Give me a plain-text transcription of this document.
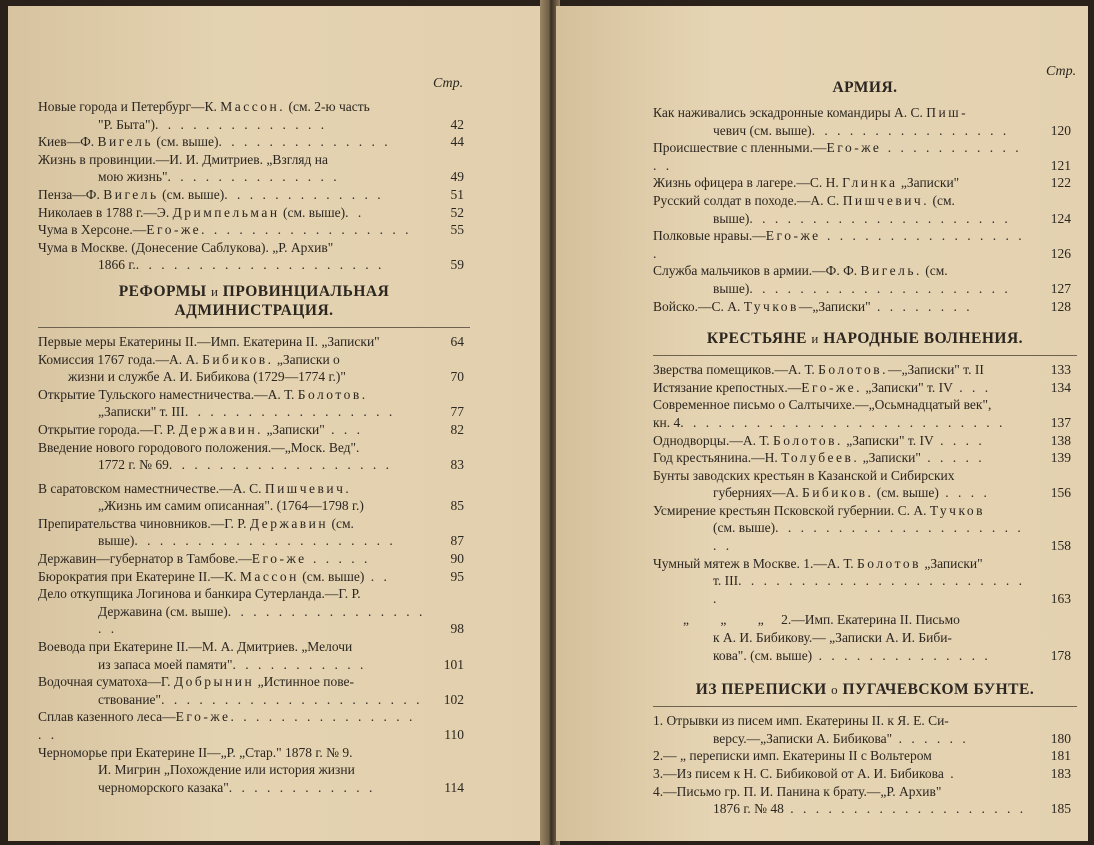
Стр.
Новые города и Петербург—К. Массон. (см. 2-ю часть
"Р. Быта"). . . . . . . . . . . . . .	42
Киев—Ф. Вигель (см. выше). . . . . . . . . . . . . .	44
Жизнь в провинции.—И. И. Дмитриев. „Взгляд на
мою жизнь". . . . . . . . . . . . . .	49
Пенза—Ф. Вигель (см. выше). . . . . . . . . . . . .	51
Николаев в 1788 г.—Э. Дримпельман (см. выше). .	52
Чума в Херсоне.—Его-же. . . . . . . . . . . . . . . . .	55
Чума в Москве. (Донесение Саблукова). „Р. Архив"
1866 г.. . . . . . . . . . . . . . . . . . . .	59
РЕФОРМЫ и ПРОВИНЦИАЛЬНАЯ
АДМИНИСТРАЦИЯ.
Первые меры Екатерины II.—Имп. Екатерина II. „Записки"	64
Комиссия 1767 года.—А. А. Бибиков. „Записки о
жизни и службе А. И. Бибикова (1729—1774 г.)"	70
Открытие Тульского наместничества.—А. Т. Болотов.
„Записки" т. III. . . . . . . . . . . . . . . . .	77
Открытие города.—Г. Р. Державин. „Записки" . . .	82
Введение нового городового положения.—„Моск. Вед".
1772 г. № 69. . . . . . . . . . . . . . . . . .	83
В саратовском наместничестве.—А. С. Пишчевич.
„Жизнь им самим описанная". (1764—1798 г.)	85
Препирательства чиновников.—Г. Р. Державин (см.
выше). . . . . . . . . . . . . . . . . . . . .	87
Державин—губернатор в Тамбове.—Его-же . . . . .	90
Бюрократия при Екатерине II.—К. Массон (см. выше) . .	95
Дело откупщика Логинова и банкира Сутерланда.—Г. Р.
Державина (см. выше). . . . . . . . . . . . . . . . . .	98
Воевода при Екатерине II.—М. А. Дмитриев. „Мелочи
из запаса моей памяти". . . . . . . . . . .	101
Водочная суматоха—Г. Добрынин „Истинное пове-
ствование". . . . . . . . . . . . . . . . . . . . . 102
Сплав казенного леса—Его-же. . . . . . . . . . . . . . . . .	110
Черноморье при Екатерине II—„Р. „Стар." 1878 г. № 9.
И. Мигрин „Похождение или история жизни
черноморского казака". . . . . . . . . . . .	114
Стр.
АРМИЯ.
Как наживались эскадронные командиры А. С. Пиш-
чевич (см. выше). . . . . . . . . . . . . . . .	120
Происшествие с пленными.—Его-же . . . . . . . . . . . . .	121
Жизнь офицера в лагере.—С. Н. Глинка „Записки"	122
Русский солдат в походе.—А. С. Пишчевич. (см.
выше). . . . . . . . . . . . . . . . . . . . .	124
Полковые нравы.—Его-же . . . . . . . . . . . . . . . . .	126
Служба мальчиков в армии.—Ф. Ф. Вигель. (см.
выше). . . . . . . . . . . . . . . . . . . . .	127
Войско.—С. А. Тучков—„Записки" . . . . . . . .	128
КРЕСТЬЯНЕ и НАРОДНЫЕ ВОЛНЕНИЯ.
Зверства помещиков.—А. Т. Болотов.—„Записки" т. II	133
Истязание крепостных.—Его-же. „Записки" т. IV . . .	134
Современное письмо о Салтычихе.—„Осьмнадцатый век",
кн. 4. . . . . . . . . . . . . . . . . . . . . . . . . .	137
Однодворцы.—А. Т. Болотов. „Записки" т. IV . . . .	138
Год крестьянина.—Н. Толубеев. „Записки" . . . . .	139
Бунты заводских крестьян в Казанской и Сибирских
губерниях—А. Бибиков. (см. выше) . . . .	156
Усмирение крестьян Псковской губернии. С. А. Тучков
(см. выше). . . . . . . . . . . . . . . . . . . . . .	158
Чумный мятеж в Москве. 1.—А. Т. Болотов „Записки"
т. III. . . . . . . . . . . . . . . . . . . . . . . .	163
„ „ „ 2.—Имп. Екатерина II. Письмо
к А. И. Бибикову.— „Записки А. И. Биби-
кова". (см. выше) . . . . . . . . . . . . . .	178
ИЗ ПЕРЕПИСКИ о ПУГАЧЕВСКОМ БУНТЕ.
1. Отрывки из писем имп. Екатерины II. к Я. Е. Си-
версу.—„Записки А. Бибикова" . . . . . .	180
2.— „ переписки имп. Екатерины II с Вольтером	181
3.—Из писем к Н. С. Бибиковой от А. И. Бибикова .	183
4.—Письмо гр. П. И. Панина к брату.—„Р. Архив"
1876 г. № 48 . . . . . . . . . . . . . . . . . . .	185
